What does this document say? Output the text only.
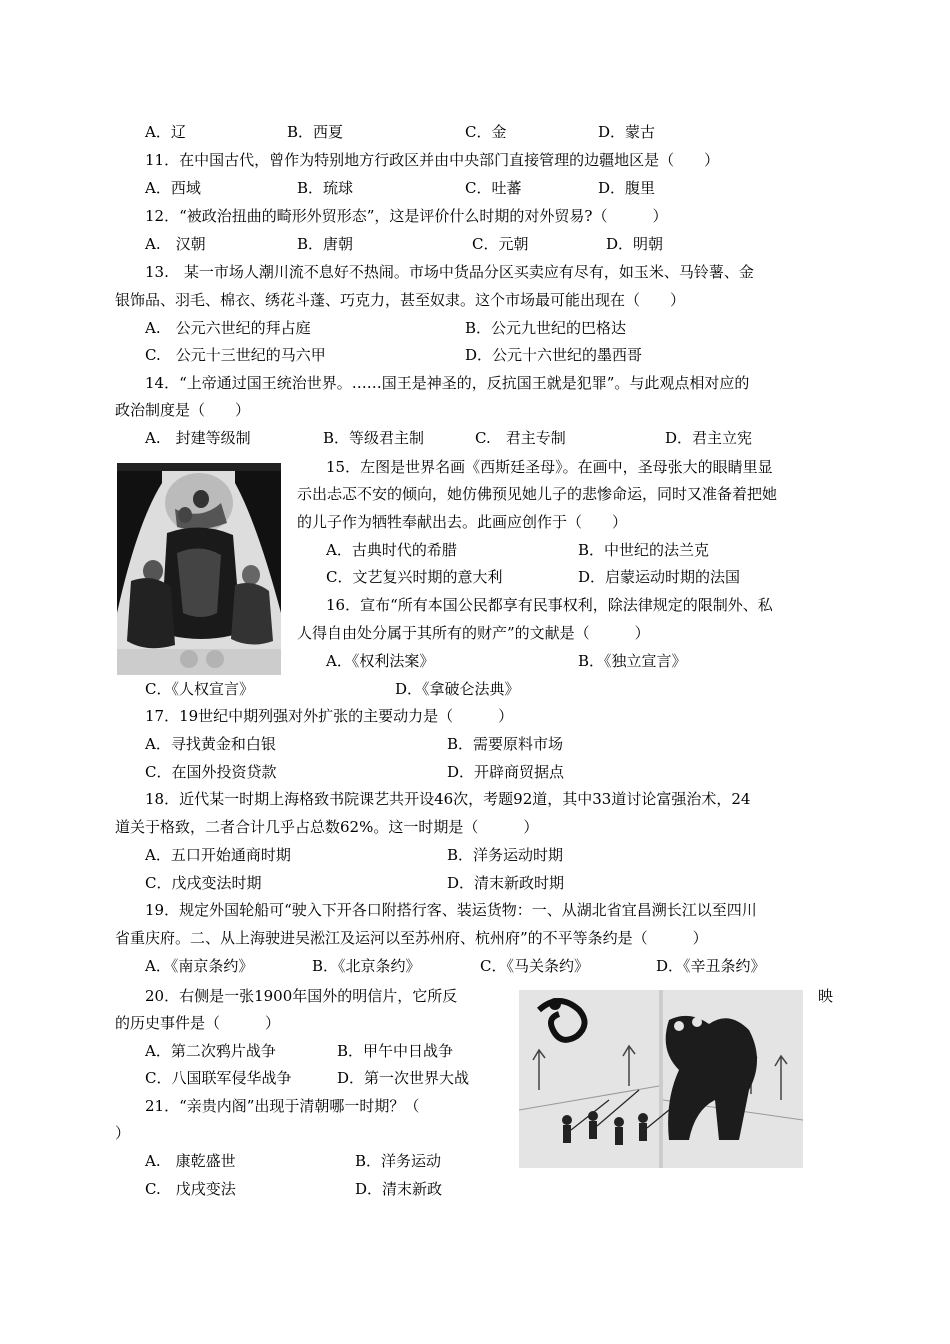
A．辽	B．西夏	C．金	D．蒙古
11．在中国古代，曾作为特别地方行政区并由中央部门直接管理的边疆地区是（　　）
A．西域	B．琉球	C．吐蕃	D．腹里
12．“被政治扭曲的畸形外贸形态”，这是评价什么时期的对外贸易?（　　　）
A.　汉朝	B．唐朝	C．元朝	D．明朝
13.　某一市场人潮川流不息好不热闹。市场中货品分区买卖应有尽有，如玉米、马铃薯、金
银饰品、羽毛、棉衣、绣花斗蓬、巧克力，甚至奴隶。这个市场最可能出现在（　　）
A.　公元六世纪的拜占庭	B．公元九世纪的巴格达
C.　公元十三世纪的马六甲	D．公元十六世纪的墨西哥
14．“上帝通过国王统治世界。……国王是神圣的，反抗国王就是犯罪”。与此观点相对应的
政治制度是（　　）
A.　封建等级制	B．等级君主制	C.　君主专制	D．君主立宪
15．左图是世界名画《西斯廷圣母》。在画中，圣母张大的眼睛里显
示出忐忑不安的倾向，她仿佛预见她儿子的悲惨命运，同时又准备着把她
的儿子作为牺牲奉献出去。此画应创作于（　　）
A．古典时代的希腊	B．中世纪的法兰克
C．文艺复兴时期的意大利	D．启蒙运动时期的法国
16．宣布“所有本国公民都享有民事权利，除法律规定的限制外、私
人得自由处分属于其所有的财产”的文献是（　　　）
A．《权利法案》	B．《独立宣言》
C．《人权宣言》	D．《拿破仑法典》
17．19世纪中期列强对外扩张的主要动力是（　　　）
A．寻找黄金和白银	B．需要原料市场
C．在国外投资贷款	D．开辟商贸据点
18．近代某一时期上海格致书院课艺共开设46次，考题92道，其中33道讨论富强治术，24
道关于格致，二者合计几乎占总数62%。这一时期是（　　　）
A．五口开始通商时期	B．洋务运动时期
C．戊戌变法时期	D．清末新政时期
19．规定外国轮船可“驶入下开各口附搭行客、装运货物：一、从湖北省宜昌溯长江以至四川
省重庆府。二、从上海驶进吴淞江及运河以至苏州府、杭州府”的不平等条约是（　　　）
A．《南京条约》	B．《北京条约》	C．《马关条约》	D．《辛丑条约》
20．右侧是一张1900年国外的明信片，它所反	映
的历史事件是（　　　）
A．第二次鸦片战争	B．甲午中日战争
C．八国联军侵华战争	D．第一次世界大战
21．“亲贵内阁”出现于清朝哪一时期？（
）
A.　康乾盛世	B．洋务运动
C.　戊戌变法	D．清末新政
